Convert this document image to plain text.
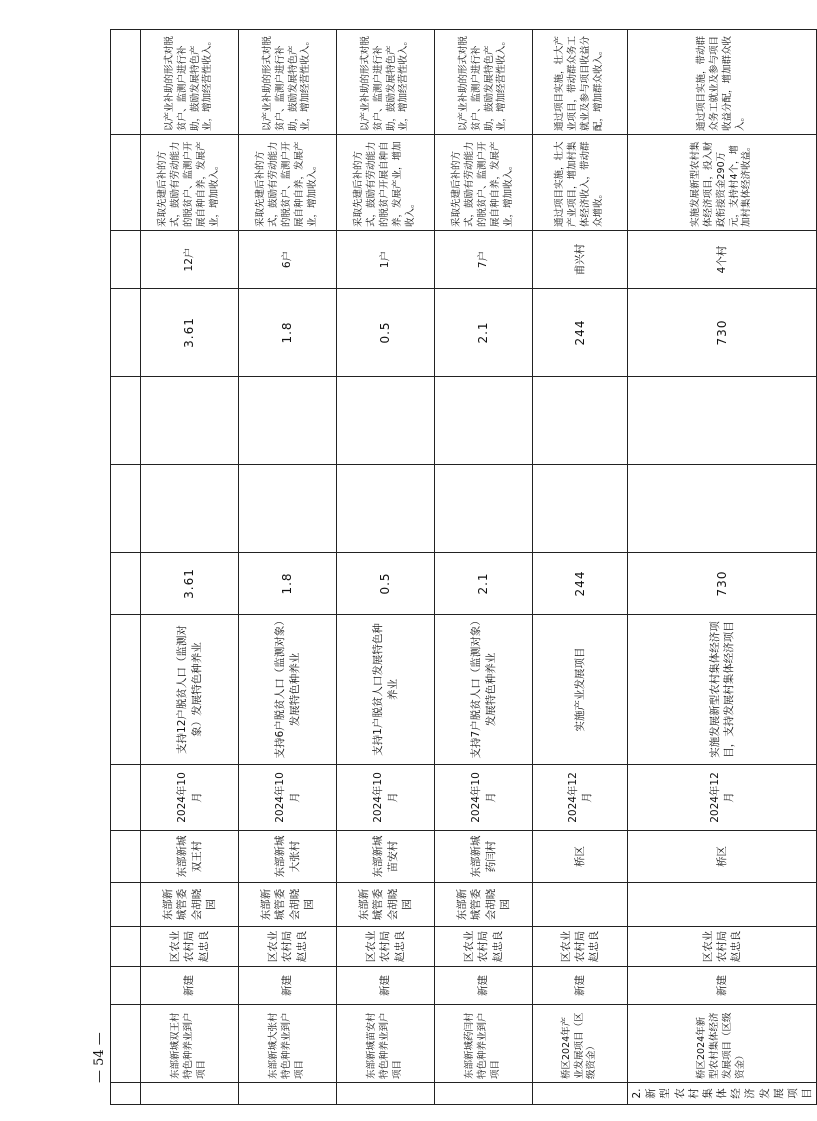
	东部新城双王村特色种养业到户项目	新建	区农业农村局赵忠良	东部新城管委会胡晓园	东部新城双王村	2024年10月	支持12户脱贫人口（监测对象）发展特色种养业	3.61			3.61	12户	采取先建后补的方式，鼓励有劳动能力的脱贫户、监测户开展自种自养，发展产业，增加收入。	以产业补助的形式对脱贫户、监测户进行补助，鼓励发展特色产业，增加经营性收入。
	东部新城大张村特色种养业到户项目	新建	区农业农村局赵忠良	东部新城管委会胡晓园	东部新城大张村	2024年10月	支持6户脱贫人口（监测对象）发展特色种养业	1.8			1.8	6户	采取先建后补的方式，鼓励有劳动能力的脱贫户、监测户开展自种自养，发展产业，增加收入。	以产业补助的形式对脱贫户、监测户进行补助，鼓励发展特色产业，增加经营性收入。
	东部新城苗安村特色种养业到户项目	新建	区农业农村局赵忠良	东部新城管委会胡晓园	东部新城苗安村	2024年10月	支持1户脱贫人口发展特色种养业	0.5			0.5	1户	采取先建后补的方式，鼓励有劳动能力的脱贫户开展自种自养，发展产业，增加收入。	以产业补助的形式对脱贫户、监测户进行补助，鼓励发展特色产业，增加经营性收入。
	东部新城药闫村特色种养业到户项目	新建	区农业农村局赵忠良	东部新城管委会胡晓园	东部新城药闫村	2024年10月	支持7户脱贫人口（监测对象）发展特色种养业	2.1			2.1	7户	采取先建后补的方式，鼓励有劳动能力的脱贫户、监测户开展自种自养，发展产业，增加收入。	以产业补助的形式对脱贫户、监测户进行补助，鼓励发展特色产业，增加经营性收入。
	桥区2024年产业发展项目（区级资金）	新建	区农业农村局赵忠良		桥区	2024年12月	实施产业发展项目	244			244	甫兴村	通过项目实施，壮大产业项目，增加村集体经济收入，带动群众增收。	通过项目实施，壮大产业项目，带动群众务工就业及参与项目收益分配，增加群众收入。
2.新型农村集体经济发展项目	桥区2024年新型农村集体经济发展项目（区级资金）	新建	区农业农村局赵忠良		桥区	2024年12月	实施发展新型农村集体经济项目，支持发展村集体经济项目	730			730	4个村	实施发展新型农村集体经济项目，投入财政衔接资金290万元，支持村4个，增加村集体经济收益。	通过项目实施，带动群众务工就业及参与项目收益分配，增加群众收入。
— 54 —
